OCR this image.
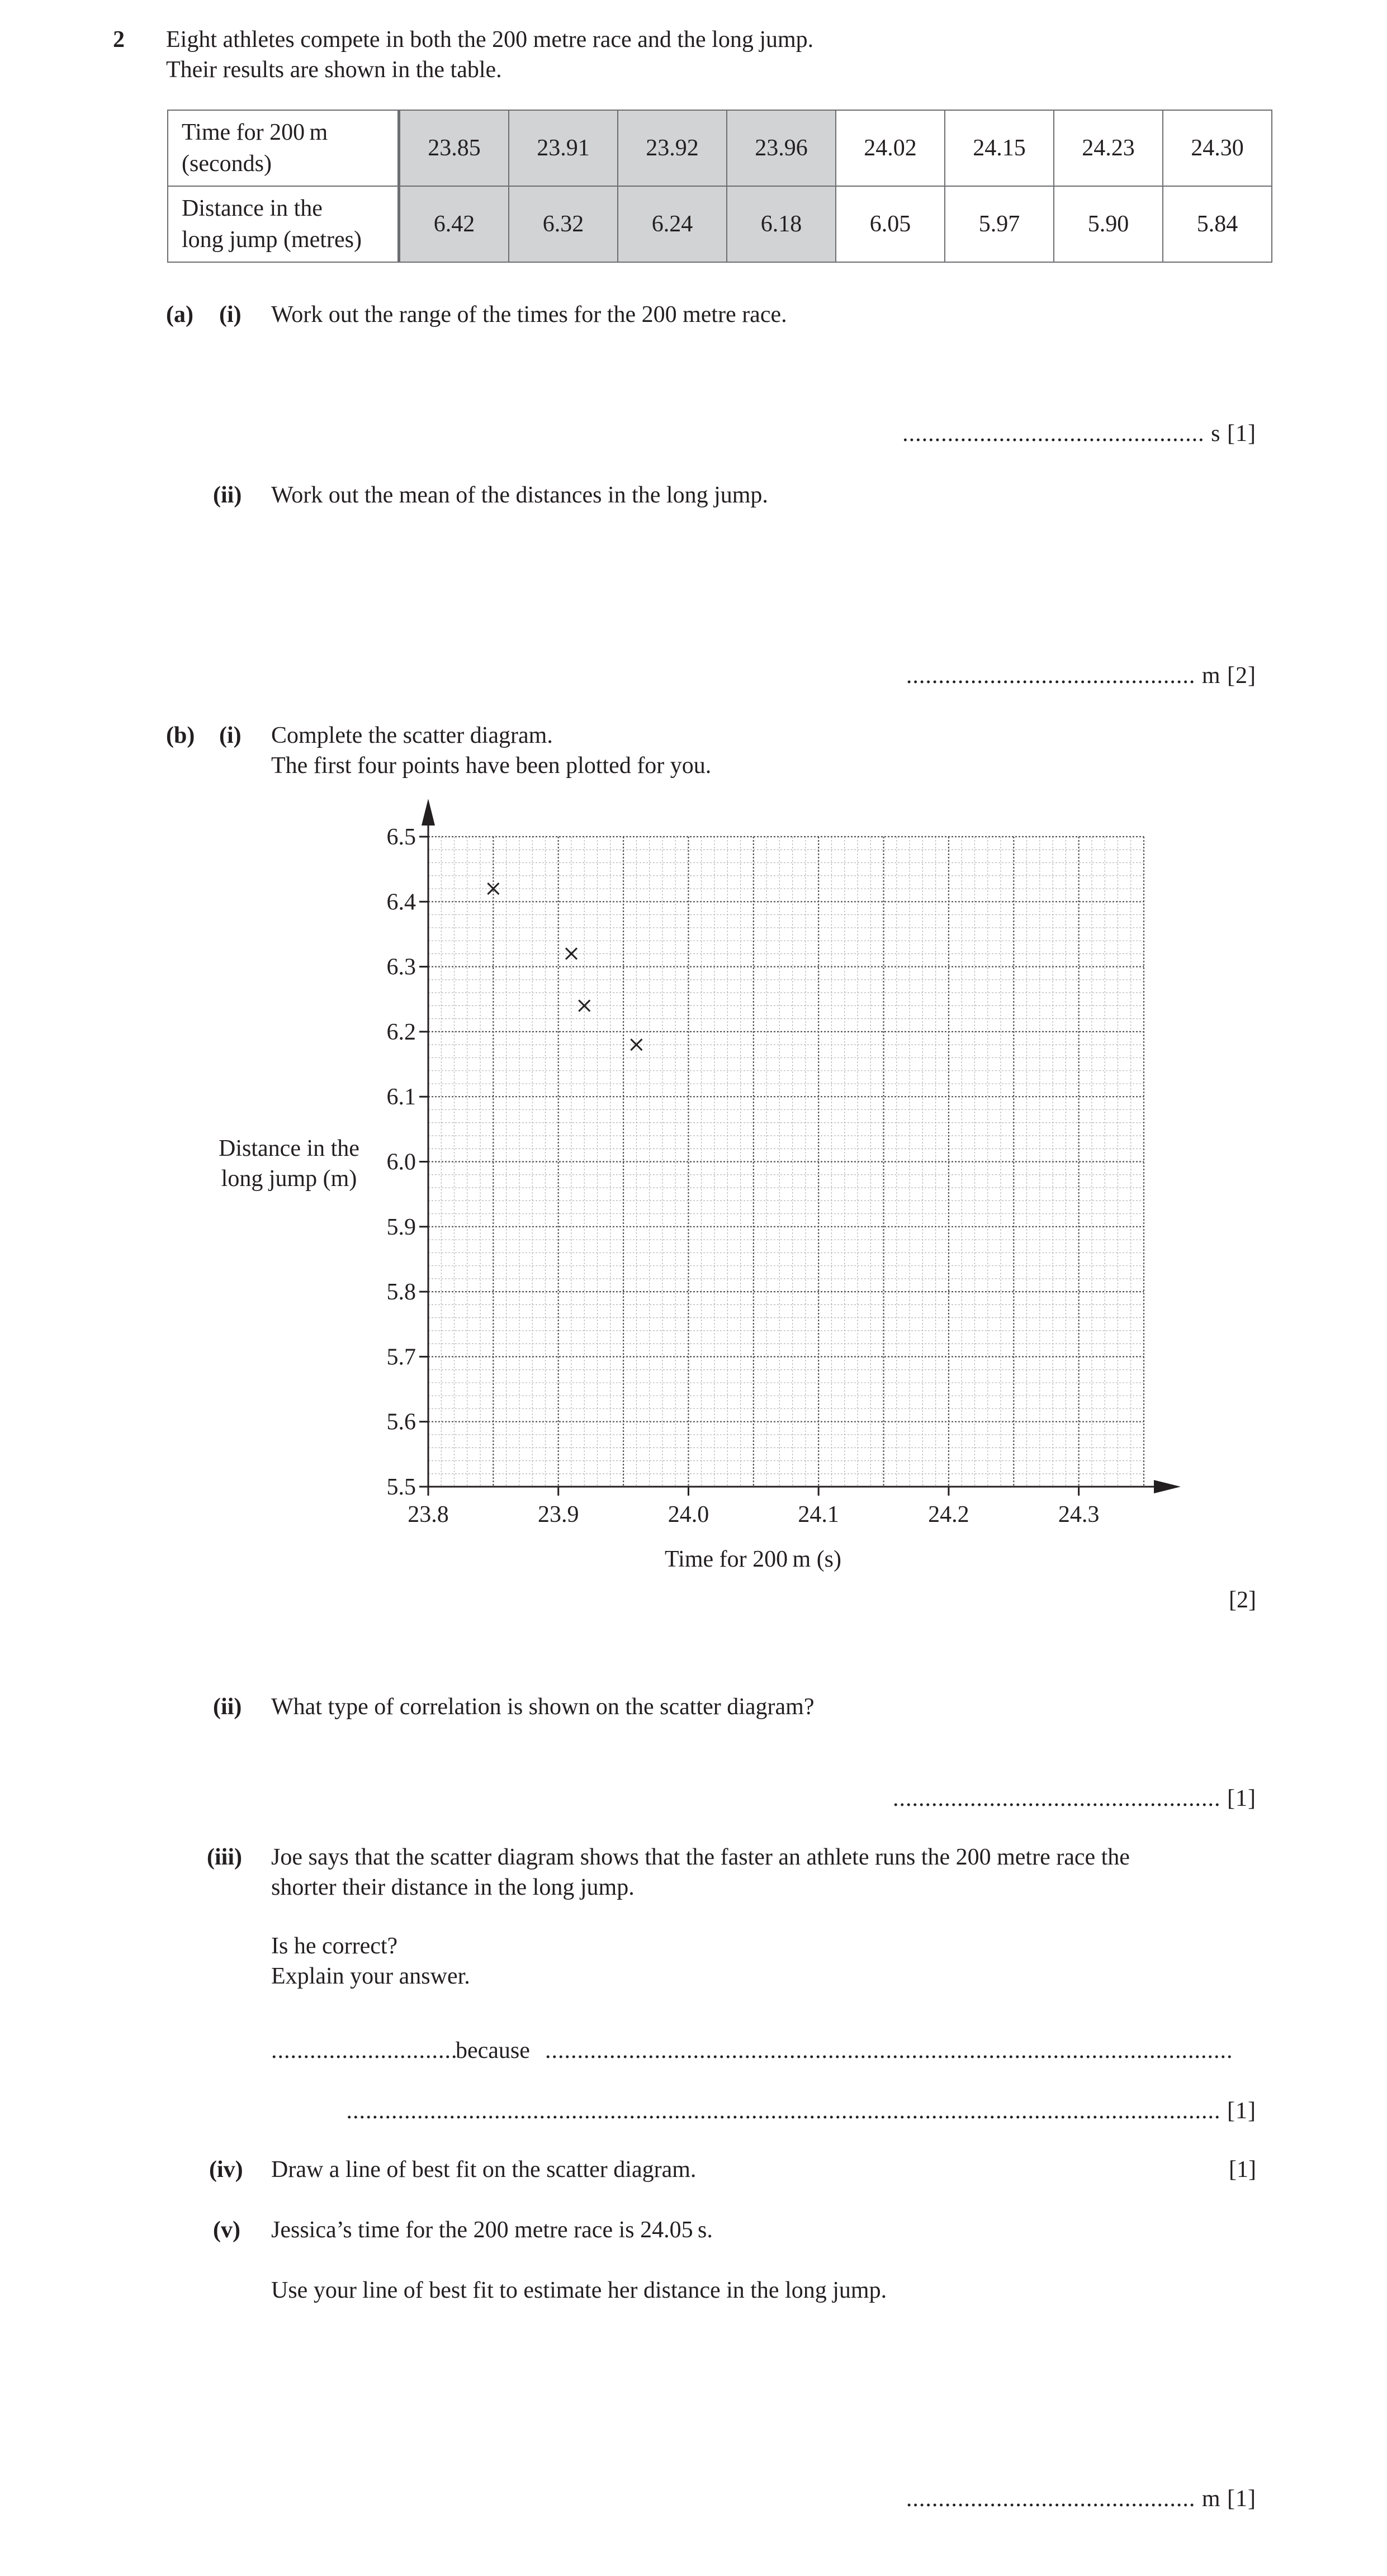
2 Eight athletes compete in both the 200 metre race and the long jump.
Their results are shown in the table.
Time for 200 m
(seconds)	23.85	23.91	23.92	23.96	24.02	24.15	24.23	24.30
Distance in the
long jump (metres)	6.42	6.32	6.24	6.18	6.05	5.97	5.90	5.84
(a) (i) Work out the range of the times for the 200 metre race.
............................................... s [1]
(ii) Work out the mean of the distances in the long jump.
............................................. m [2]
(b) (i) Complete the scatter diagram.
The first four points have been plotted for you.
23.8	23.9	24.0	24.1	24.2	24.3
5.5
5.6
5.7
5.8
5.9
6.0
6.1
6.2
6.3
6.4
6.5
Time for 200 m (s)
Distance in the
long jump (m)
[2]
(ii) What type of correlation is shown on the scatter diagram?
................................................... [1]
(iii) Joe says that the scatter diagram shows that the faster an athlete runs the 200 metre race the
shorter their distance in the long jump.
Is he correct?
Explain your answer.
.............................
because ...........................................................................................................
........................................................................................................................................ [1]
(iv) Draw a line of best fit on the scatter diagram.	[1]
(v) Jessica’s time for the 200 metre race is 24.05 s.
Use your line of best fit to estimate her distance in the long jump.
............................................. m [1]
